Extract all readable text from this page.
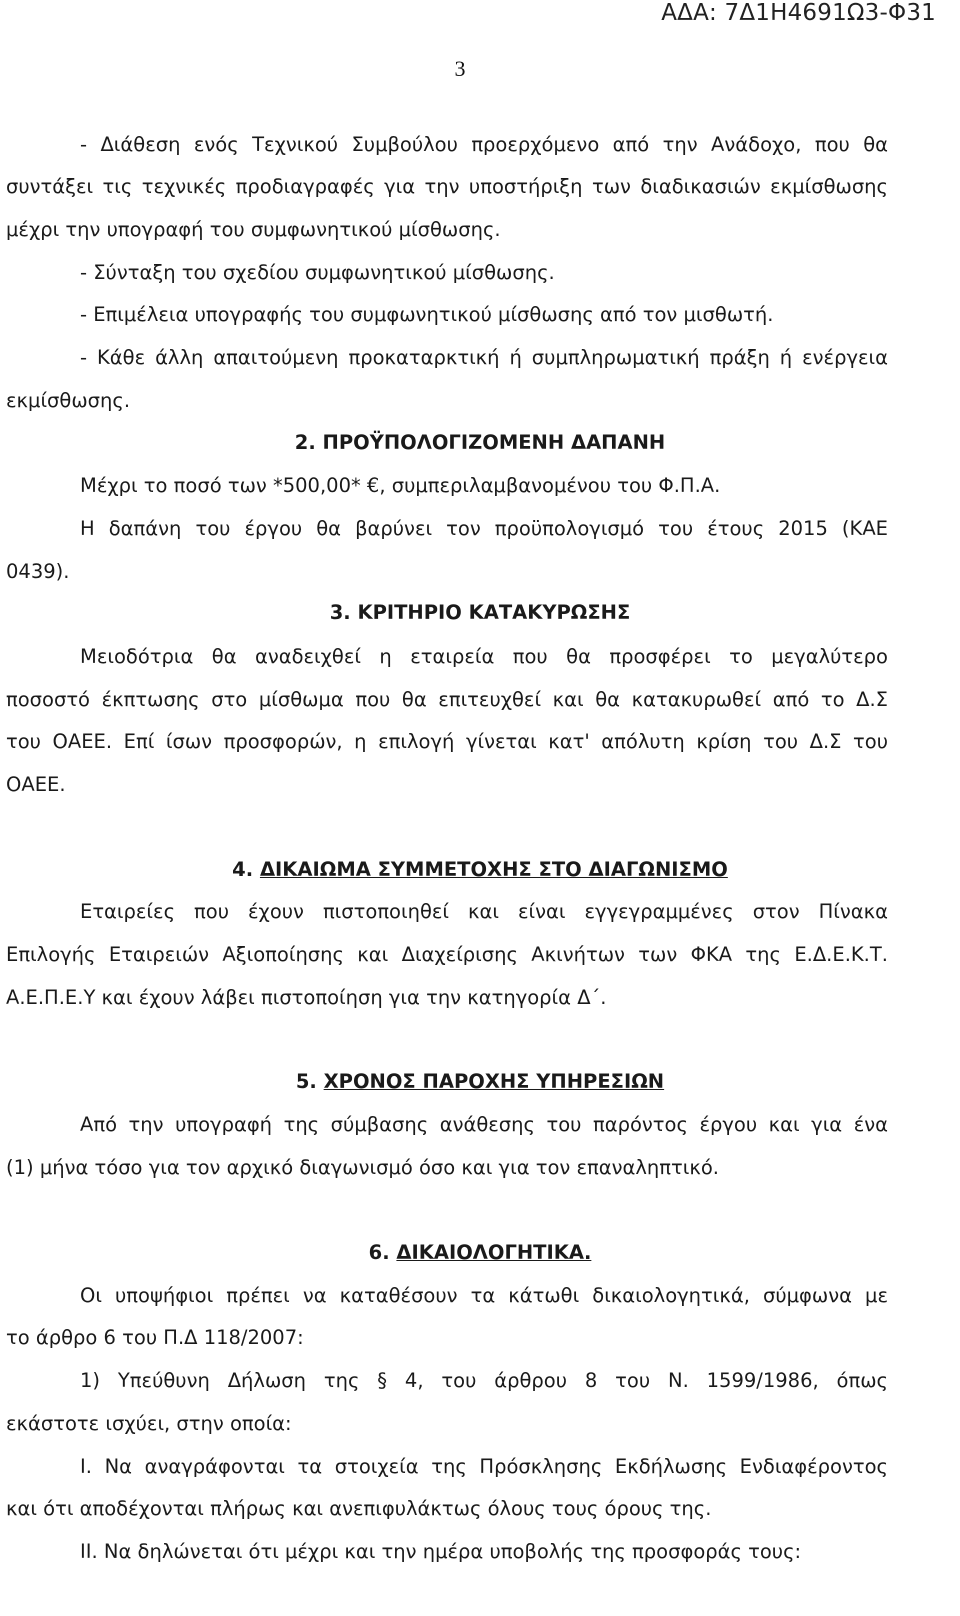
ΑΔΑ: 7Δ1Η4691Ω3-Φ31
3
- Διάθεση ενός Τεχνικού Συμβούλου προερχόμενο από την Ανάδοχο, που θα
συντάξει τις τεχνικές προδιαγραφές για την υποστήριξη των διαδικασιών εκμίσθωσης
μέχρι την υπογραφή του συμφωνητικού μίσθωσης.
- Σύνταξη του σχεδίου συμφωνητικού μίσθωσης.
- Επιμέλεια υπογραφής του συμφωνητικού μίσθωσης από τον μισθωτή.
- Κάθε άλλη απαιτούμενη προκαταρκτική ή συμπληρωματική πράξη ή ενέργεια
εκμίσθωσης.
2. ΠΡΟΫΠΟΛΟΓΙΖΟΜΕΝΗ ΔΑΠΑΝΗ
Μέχρι το ποσό των *500,00* €, συμπεριλαμβανομένου του Φ.Π.Α.
Η δαπάνη του έργου θα βαρύνει τον προϋπολογισμό του έτους 2015 (ΚΑΕ
0439).
3. ΚΡΙΤΗΡΙΟ ΚΑΤΑΚΥΡΩΣΗΣ
Μειοδότρια θα αναδειχθεί η εταιρεία που θα προσφέρει το μεγαλύτερο
ποσοστό έκπτωσης στο μίσθωμα που θα επιτευχθεί και θα κατακυρωθεί από το Δ.Σ
του ΟΑΕΕ. Επί ίσων προσφορών, η επιλογή γίνεται κατ' απόλυτη κρίση του Δ.Σ του
ΟΑΕΕ.
4. ΔΙΚΑΙΩΜΑ ΣΥΜΜΕΤΟΧΗΣ ΣΤΟ ΔΙΑΓΩΝΙΣΜΟ
Εταιρείες που έχουν πιστοποιηθεί και είναι εγγεγραμμένες στον Πίνακα
Επιλογής Εταιρειών Αξιοποίησης και Διαχείρισης Ακινήτων των ΦΚΑ της Ε.Δ.Ε.Κ.Τ.
Α.Ε.Π.Ε.Υ και έχουν λάβει πιστοποίηση για την κατηγορία Δ΄.
5. ΧΡΟΝΟΣ ΠΑΡΟΧΗΣ ΥΠΗΡΕΣΙΩΝ
Από την υπογραφή της σύμβασης ανάθεσης του παρόντος έργου και για ένα
(1) μήνα τόσο για τον αρχικό διαγωνισμό όσο και για τον επαναληπτικό.
6. ΔΙΚΑΙΟΛΟΓΗΤΙΚΑ.
Οι υποψήφιοι πρέπει να καταθέσουν τα κάτωθι δικαιολογητικά, σύμφωνα με
το άρθρο 6 του Π.Δ 118/2007:
1) Υπεύθυνη Δήλωση της § 4, του άρθρου 8 του Ν. 1599/1986, όπως
εκάστοτε ισχύει, στην οποία:
Ι. Να αναγράφονται τα στοιχεία της Πρόσκλησης Εκδήλωσης Ενδιαφέροντος
και ότι αποδέχονται πλήρως και ανεπιφυλάκτως όλους τους όρους της.
ΙΙ. Να δηλώνεται ότι μέχρι και την ημέρα υποβολής της προσφοράς τους:
